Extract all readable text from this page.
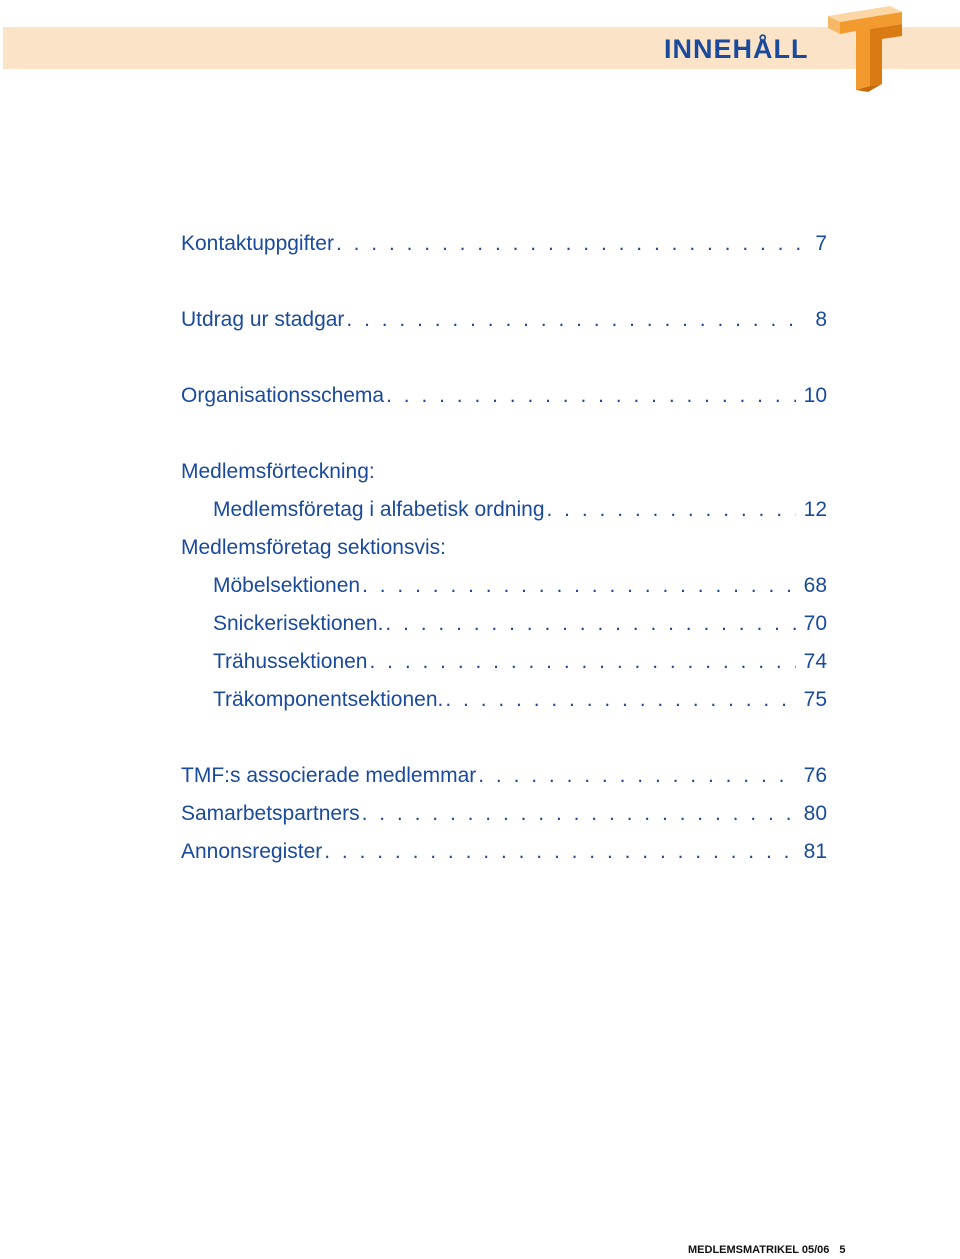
INNEHÅLL
Kontaktuppgifter . . .	7
Utdrag ur stadgar . . .	8
Organisationsschema . . .	10
Medlemsförteckning:
Medlemsföretag i alfabetisk ordning . . .	12
Medlemsföretag sektionsvis:
Möbelsektionen . . .	68
Snickerisektionen. . . .	70
Trähussektionen . . .	74
Träkomponentsektionen. . . .	75
TMF:s associerade medlemmar . . .	76
Samarbetspartners . . .	80
Annonsregister . . .	81
MEDLEMSMATRIKEL 05/06 5
